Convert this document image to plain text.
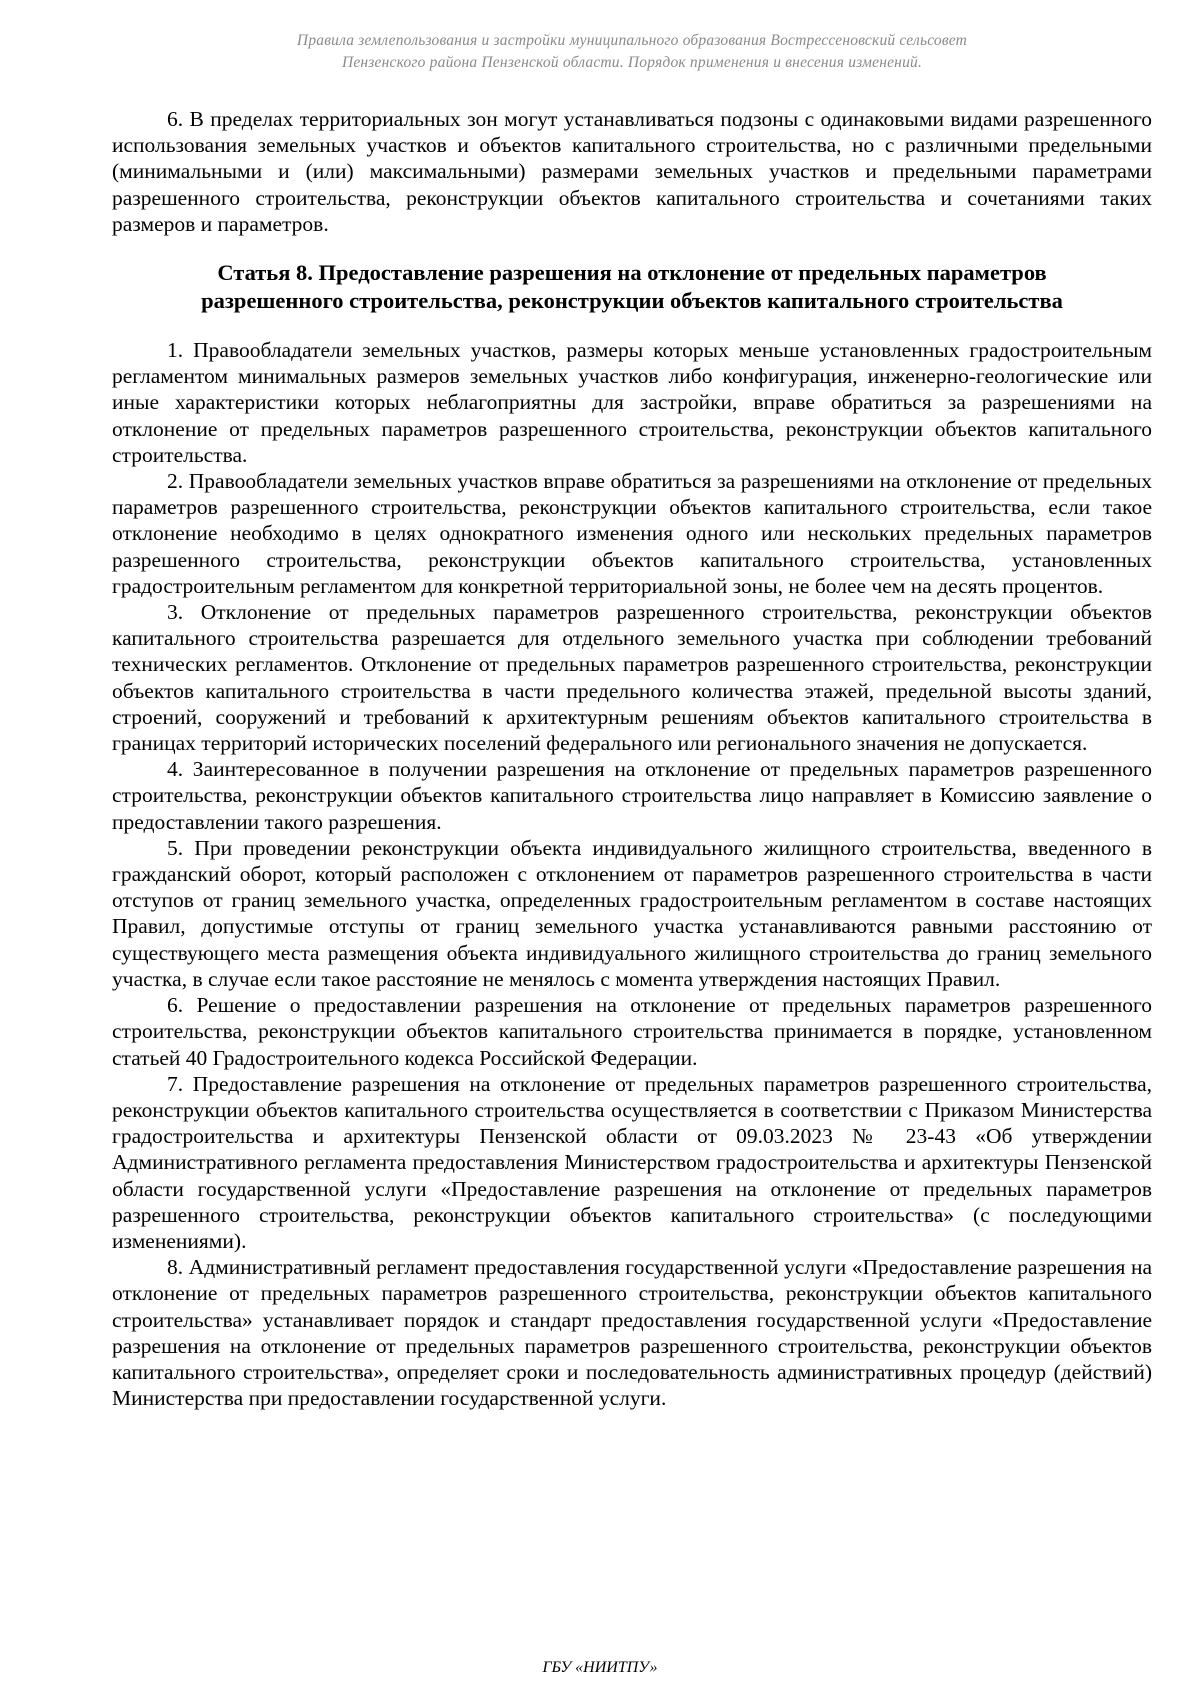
Правила землепользования и застройки муниципального образования Вострессеновский сельсовет
Пензенского района Пензенской области. Порядок применения и внесения изменений.

6. В пределах территориальных зон могут устанавливаться подзоны с одинаковыми видами разрешенного использования земельных участков и объектов капитального строительства, но с различными предельными (минимальными и (или) максимальными) размерами земельных участков и предельными параметрами разрешенного строительства, реконструкции объектов капитального строительства и сочетаниями таких размеров и параметров.

Статья 8. Предоставление разрешения на отклонение от предельных параметров
разрешенного строительства, реконструкции объектов капитального строительства

1. Правообладатели земельных участков, размеры которых меньше установленных градостроительным регламентом минимальных размеров земельных участков либо конфигурация, инженерно-геологические или иные характеристики которых неблагоприятны для застройки, вправе обратиться за разрешениями на отклонение от предельных параметров разрешенного строительства, реконструкции объектов капитального строительства.

2. Правообладатели земельных участков вправе обратиться за разрешениями на отклонение от предельных параметров разрешенного строительства, реконструкции объектов капитального строительства, если такое отклонение необходимо в целях однократного изменения одного или нескольких предельных параметров разрешенного строительства, реконструкции объектов капитального строительства, установленных градостроительным регламентом для конкретной территориальной зоны, не более чем на десять процентов.

3. Отклонение от предельных параметров разрешенного строительства, реконструкции объектов капитального строительства разрешается для отдельного земельного участка при соблюдении требований технических регламентов. Отклонение от предельных параметров разрешенного строительства, реконструкции объектов капитального строительства в части предельного количества этажей, предельной высоты зданий, строений, сооружений и требований к архитектурным решениям объектов капитального строительства в границах территорий исторических поселений федерального или регионального значения не допускается.

4. Заинтересованное в получении разрешения на отклонение от предельных параметров разрешенного строительства, реконструкции объектов капитального строительства лицо направляет в Комиссию заявление о предоставлении такого разрешения.

5. При проведении реконструкции объекта индивидуального жилищного строительства, введенного в гражданский оборот, который расположен с отклонением от параметров разрешенного строительства в части отступов от границ земельного участка, определенных градостроительным регламентом в составе настоящих Правил, допустимые отступы от границ земельного участка устанавливаются равными расстоянию от существующего места размещения объекта индивидуального жилищного строительства до границ земельного участка, в случае если такое расстояние не менялось с момента утверждения настоящих Правил.

6. Решение о предоставлении разрешения на отклонение от предельных параметров разрешенного строительства, реконструкции объектов капитального строительства принимается в порядке, установленном статьей 40 Градостроительного кодекса Российской Федерации.

7. Предоставление разрешения на отклонение от предельных параметров разрешенного строительства, реконструкции объектов капитального строительства осуществляется в соответствии с Приказом Министерства градостроительства и архитектуры Пензенской области от 09.03.2023 № 23-43 «Об утверждении Административного регламента предоставления Министерством градостроительства и архитектуры Пензенской области государственной услуги «Предоставление разрешения на отклонение от предельных параметров разрешенного строительства, реконструкции объектов капитального строительства» (с последующими изменениями).

8. Административный регламент предоставления государственной услуги «Предоставление разрешения на отклонение от предельных параметров разрешенного строительства, реконструкции объектов капитального строительства» устанавливает порядок и стандарт предоставления государственной услуги «Предоставление разрешения на отклонение от предельных параметров разрешенного строительства, реконструкции объектов капитального строительства», определяет сроки и последовательность административных процедур (действий) Министерства при предоставлении государственной услуги.

ГБУ «НИИТПУ»
